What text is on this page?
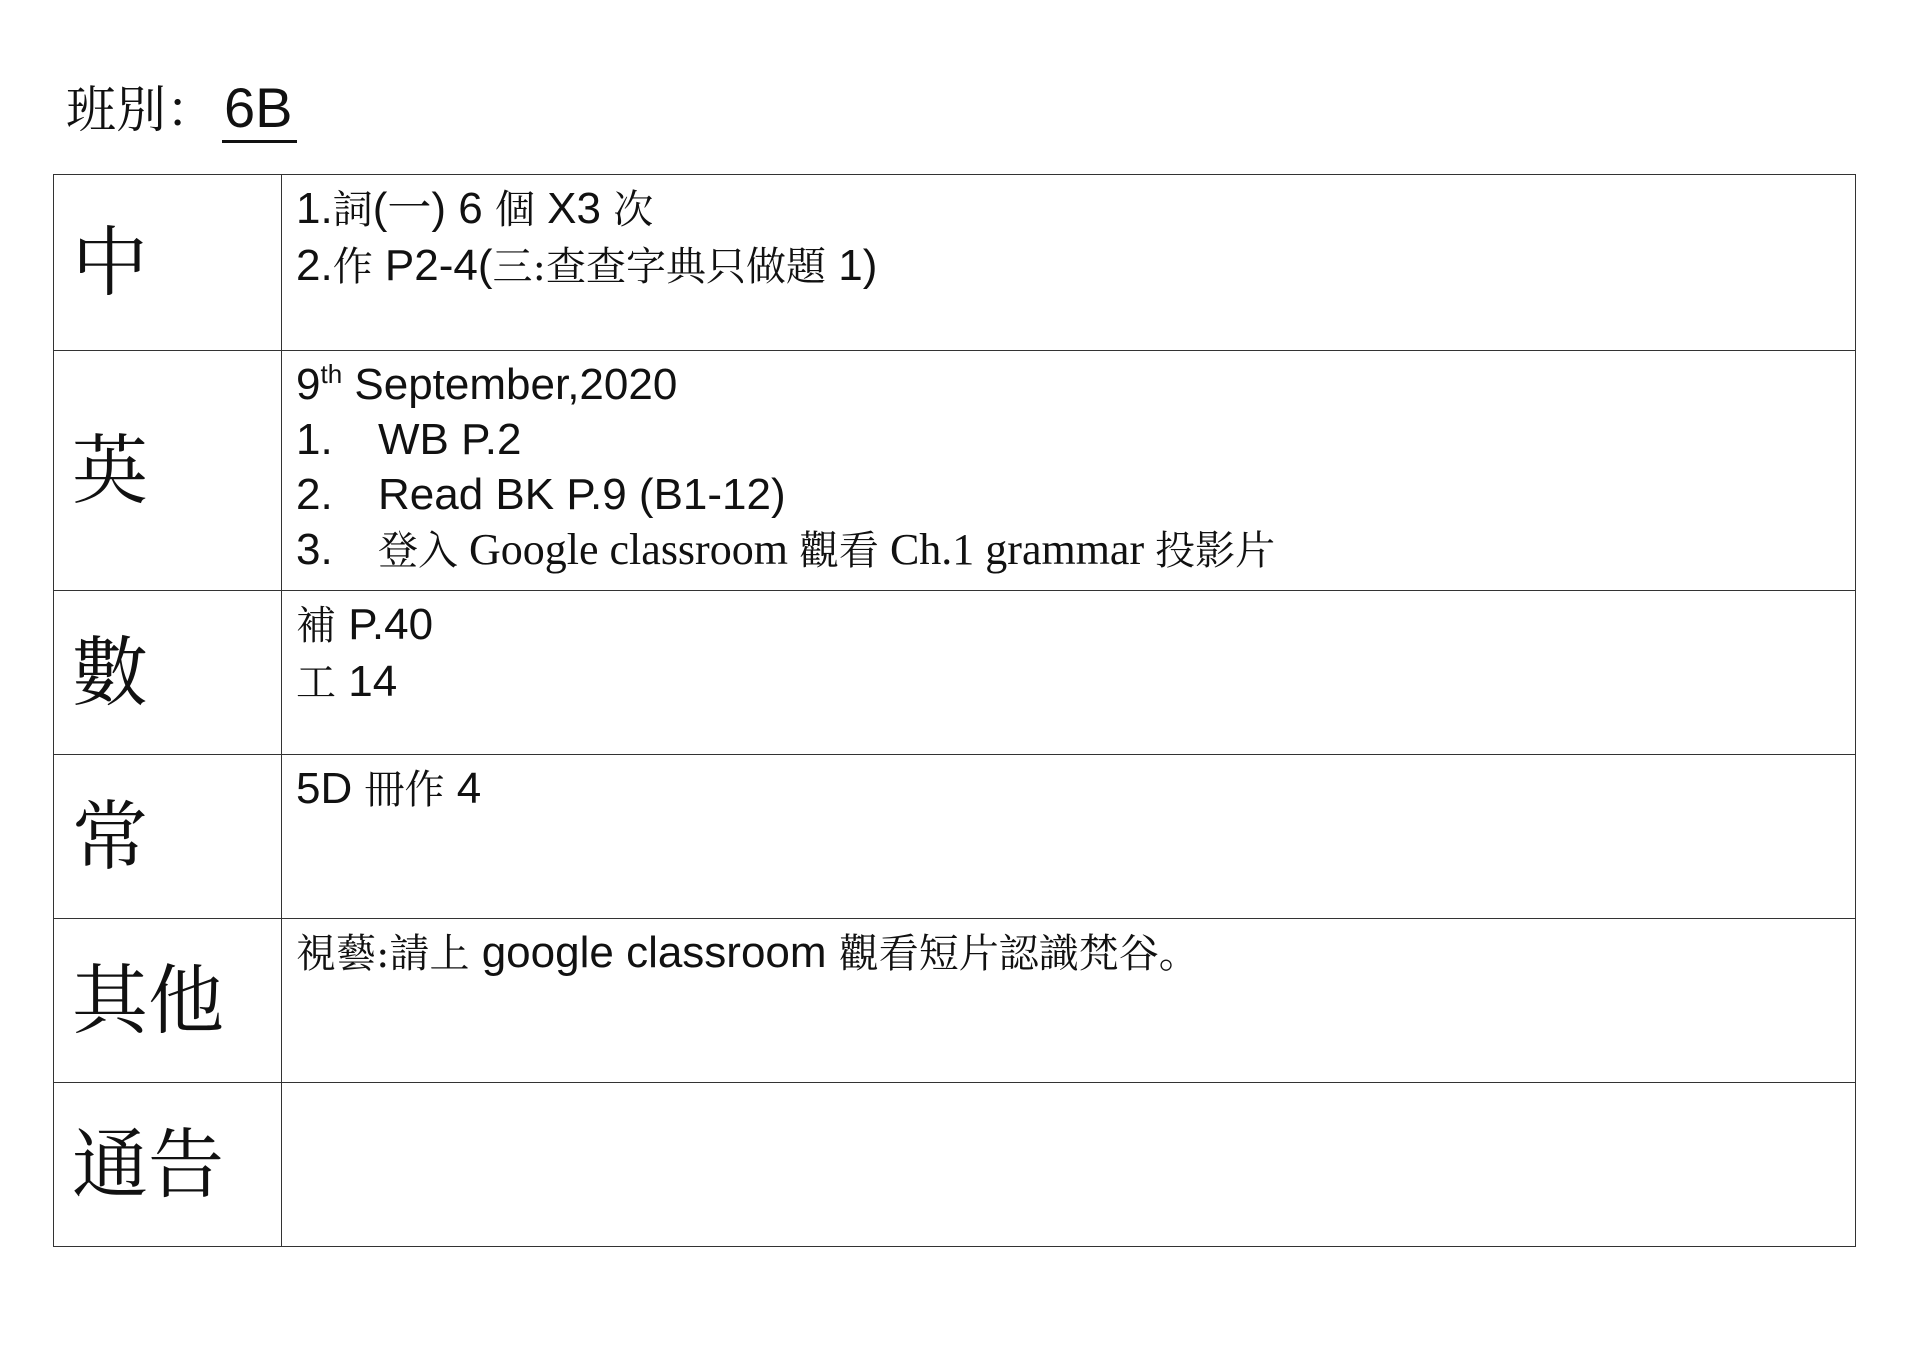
班別： 6B
中	1.詞(一) 6 個 X3 次
2.作 P2-4(三:查查字典只做題 1)

英	9th September,2020
1. WB P.2
2. Read BK P.9 (B1-12)
3. 登入 Google classroom 觀看 Ch.1 grammar 投影片

數	補 P.40
工 14

常	5D 冊作 4

其他	視藝:請上 google classroom 觀看短片認識梵谷。

通告	
